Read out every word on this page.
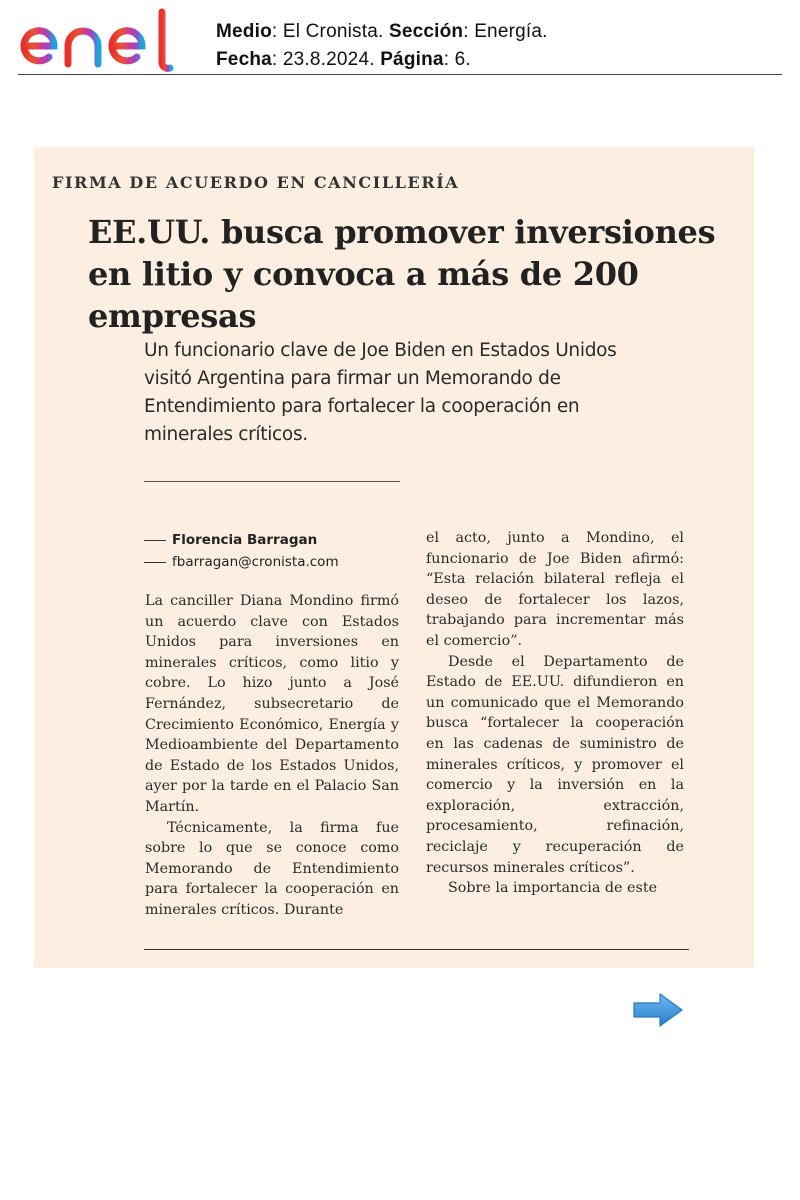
Medio: El Cronista. Sección: Energía.
Fecha: 23.8.2024. Página: 6.
FIRMA DE ACUERDO EN CANCILLERÍA
EE.UU. busca promover inversiones en litio y convoca a más de 200 empresas
Un funcionario clave de Joe Biden en Estados Unidos visitó Argentina para firmar un Memorando de Entendimiento para fortalecer la cooperación en minerales críticos.
Florencia Barragan
fbarragan@cronista.com

La canciller Diana Mondino firmó un acuerdo clave con Estados Unidos para inversiones en minerales críticos, como litio y cobre. Lo hizo junto a José Fernández, subsecretario de Crecimiento Económico, Energía y Medioambiente del Departamento de Estado de los Estados Unidos, ayer por la tarde en el Palacio San Martín.

Técnicamente, la firma fue sobre lo que se conoce como Memorando de Entendimiento para fortalecer la cooperación en minerales críticos. Durante

el acto, junto a Mondino, el funcionario de Joe Biden afirmó: “Esta relación bilateral refleja el deseo de fortalecer los lazos, trabajando para incrementar más el comercio”.

Desde el Departamento de Estado de EE.UU. difundieron en un comunicado que el Memorando busca “fortalecer la cooperación en las cadenas de suministro de minerales críticos, y promover el comercio y la inversión en la exploración, extracción, procesamiento, refinación, reciclaje y recuperación de recursos minerales críticos”.

Sobre la importancia de este
